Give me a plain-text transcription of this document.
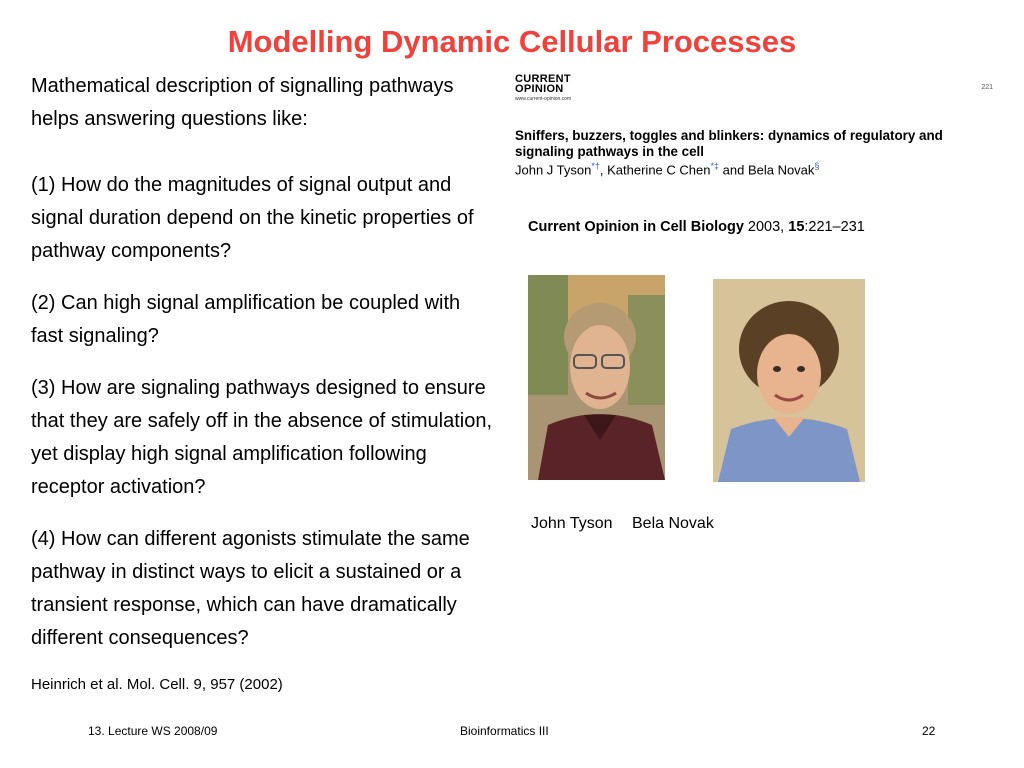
Modelling Dynamic Cellular Processes

Mathematical description of signalling pathways helps answering questions like:

(1) How do the magnitudes of signal output and signal duration depend on the kinetic properties of pathway components?

(2) Can high signal amplification be coupled with fast signaling?

(3) How are signaling pathways designed to ensure that they are safely off in the absence of stimulation, yet display high signal amplification following receptor activation?

(4) How can different agonists stimulate the same pathway in distinct ways to elicit a sustained or a transient response, which can have dramatically different consequences?

Heinrich et al. Mol. Cell. 9, 957 (2002)
CURRENT
OPINION
www.current-opinion.com
221
Sniffers, buzzers, toggles and blinkers: dynamics of regulatory and signaling pathways in the cell
John J Tyson*†, Katherine C Chen*‡ and Bela Novak§
Current Opinion in Cell Biology 2003, 15:221–231
John Tyson Bela Novak
13. Lecture WS 2008/09	Bioinformatics III	22
